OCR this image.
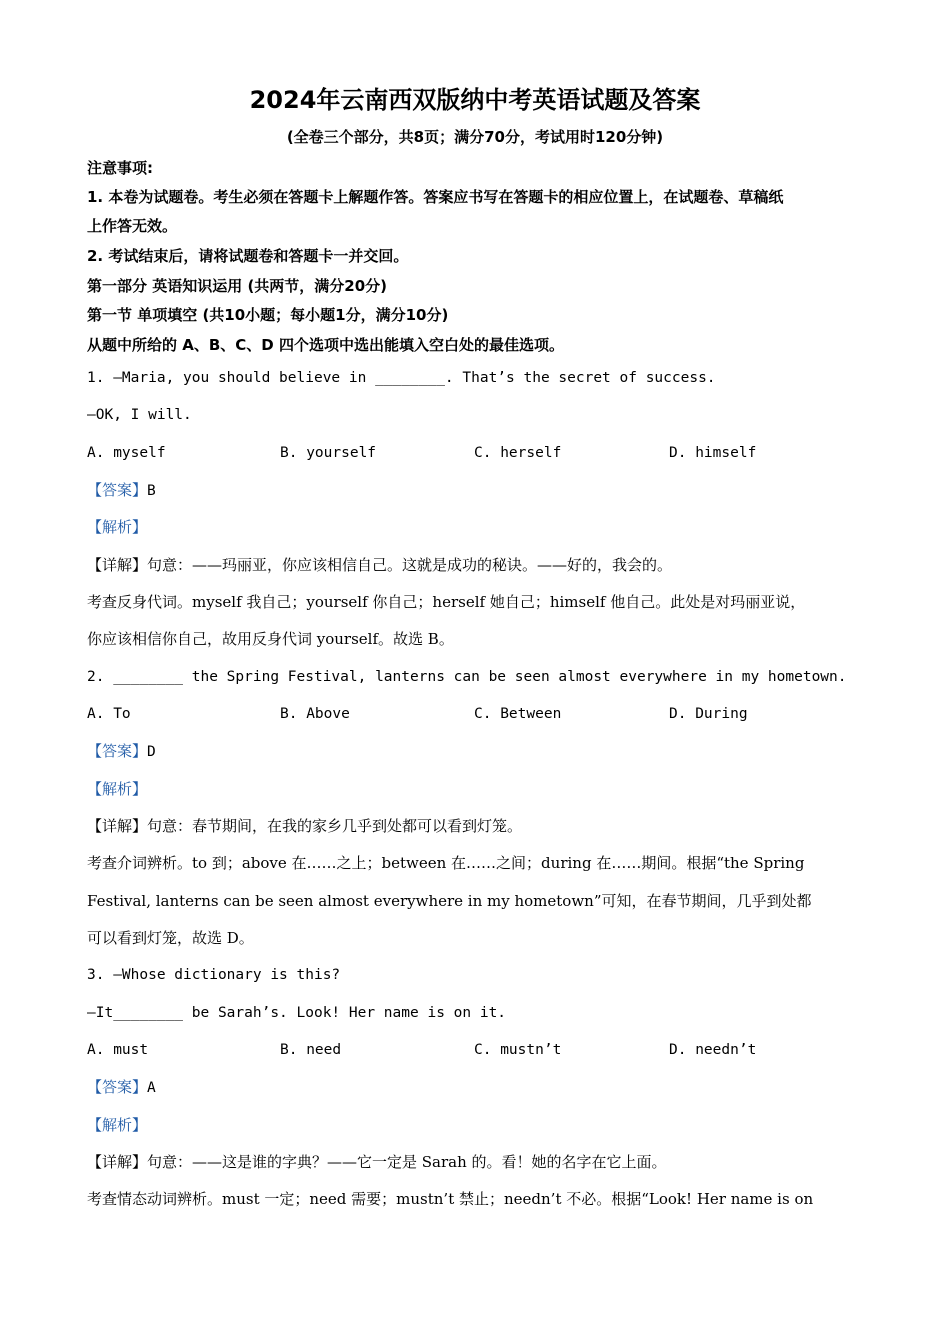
2024年云南西双版纳中考英语试题及答案
(全卷三个部分，共8页；满分70分，考试用时120分钟)
注意事项:
1. 本卷为试题卷。考生必须在答题卡上解题作答。答案应书写在答题卡的相应位置上，在试题卷、草稿纸
上作答无效。
2. 考试结束后，请将试题卷和答题卡一并交回。
第一部分 英语知识运用 (共两节，满分20分)
第一节 单项填空 (共10小题；每小题1分，满分10分)
从题中所给的 A、B、C、D 四个选项中选出能填入空白处的最佳选项。
1. —Maria, you should believe in ________. That’s the secret of success.
—OK, I will.
A. myself	B. yourself	C. herself	D. himself
【答案】B
【解析】
【详解】句意：——玛丽亚，你应该相信自己。这就是成功的秘诀。——好的，我会的。
考查反身代词。myself 我自己；yourself 你自己；herself 她自己；himself 他自己。此处是对玛丽亚说，
你应该相信你自己，故用反身代词 yourself。故选 B。
2. ________ the Spring Festival, lanterns can be seen almost everywhere in my hometown.
A. To	B. Above	C. Between	D. During
【答案】D
【解析】
【详解】句意：春节期间，在我的家乡几乎到处都可以看到灯笼。
考查介词辨析。to 到；above 在……之上；between 在……之间；during 在……期间。根据“the Spring
Festival, lanterns can be seen almost everywhere in my hometown”可知，在春节期间，几乎到处都
可以看到灯笼，故选 D。
3. —Whose dictionary is this?
—It________ be Sarah’s. Look! Her name is on it.
A. must	B. need	C. mustn’t	D. needn’t
【答案】A
【解析】
【详解】句意：——这是谁的字典？——它一定是 Sarah 的。看！她的名字在它上面。
考查情态动词辨析。must 一定；need 需要；mustn’t 禁止；needn’t 不必。根据“Look! Her name is on
